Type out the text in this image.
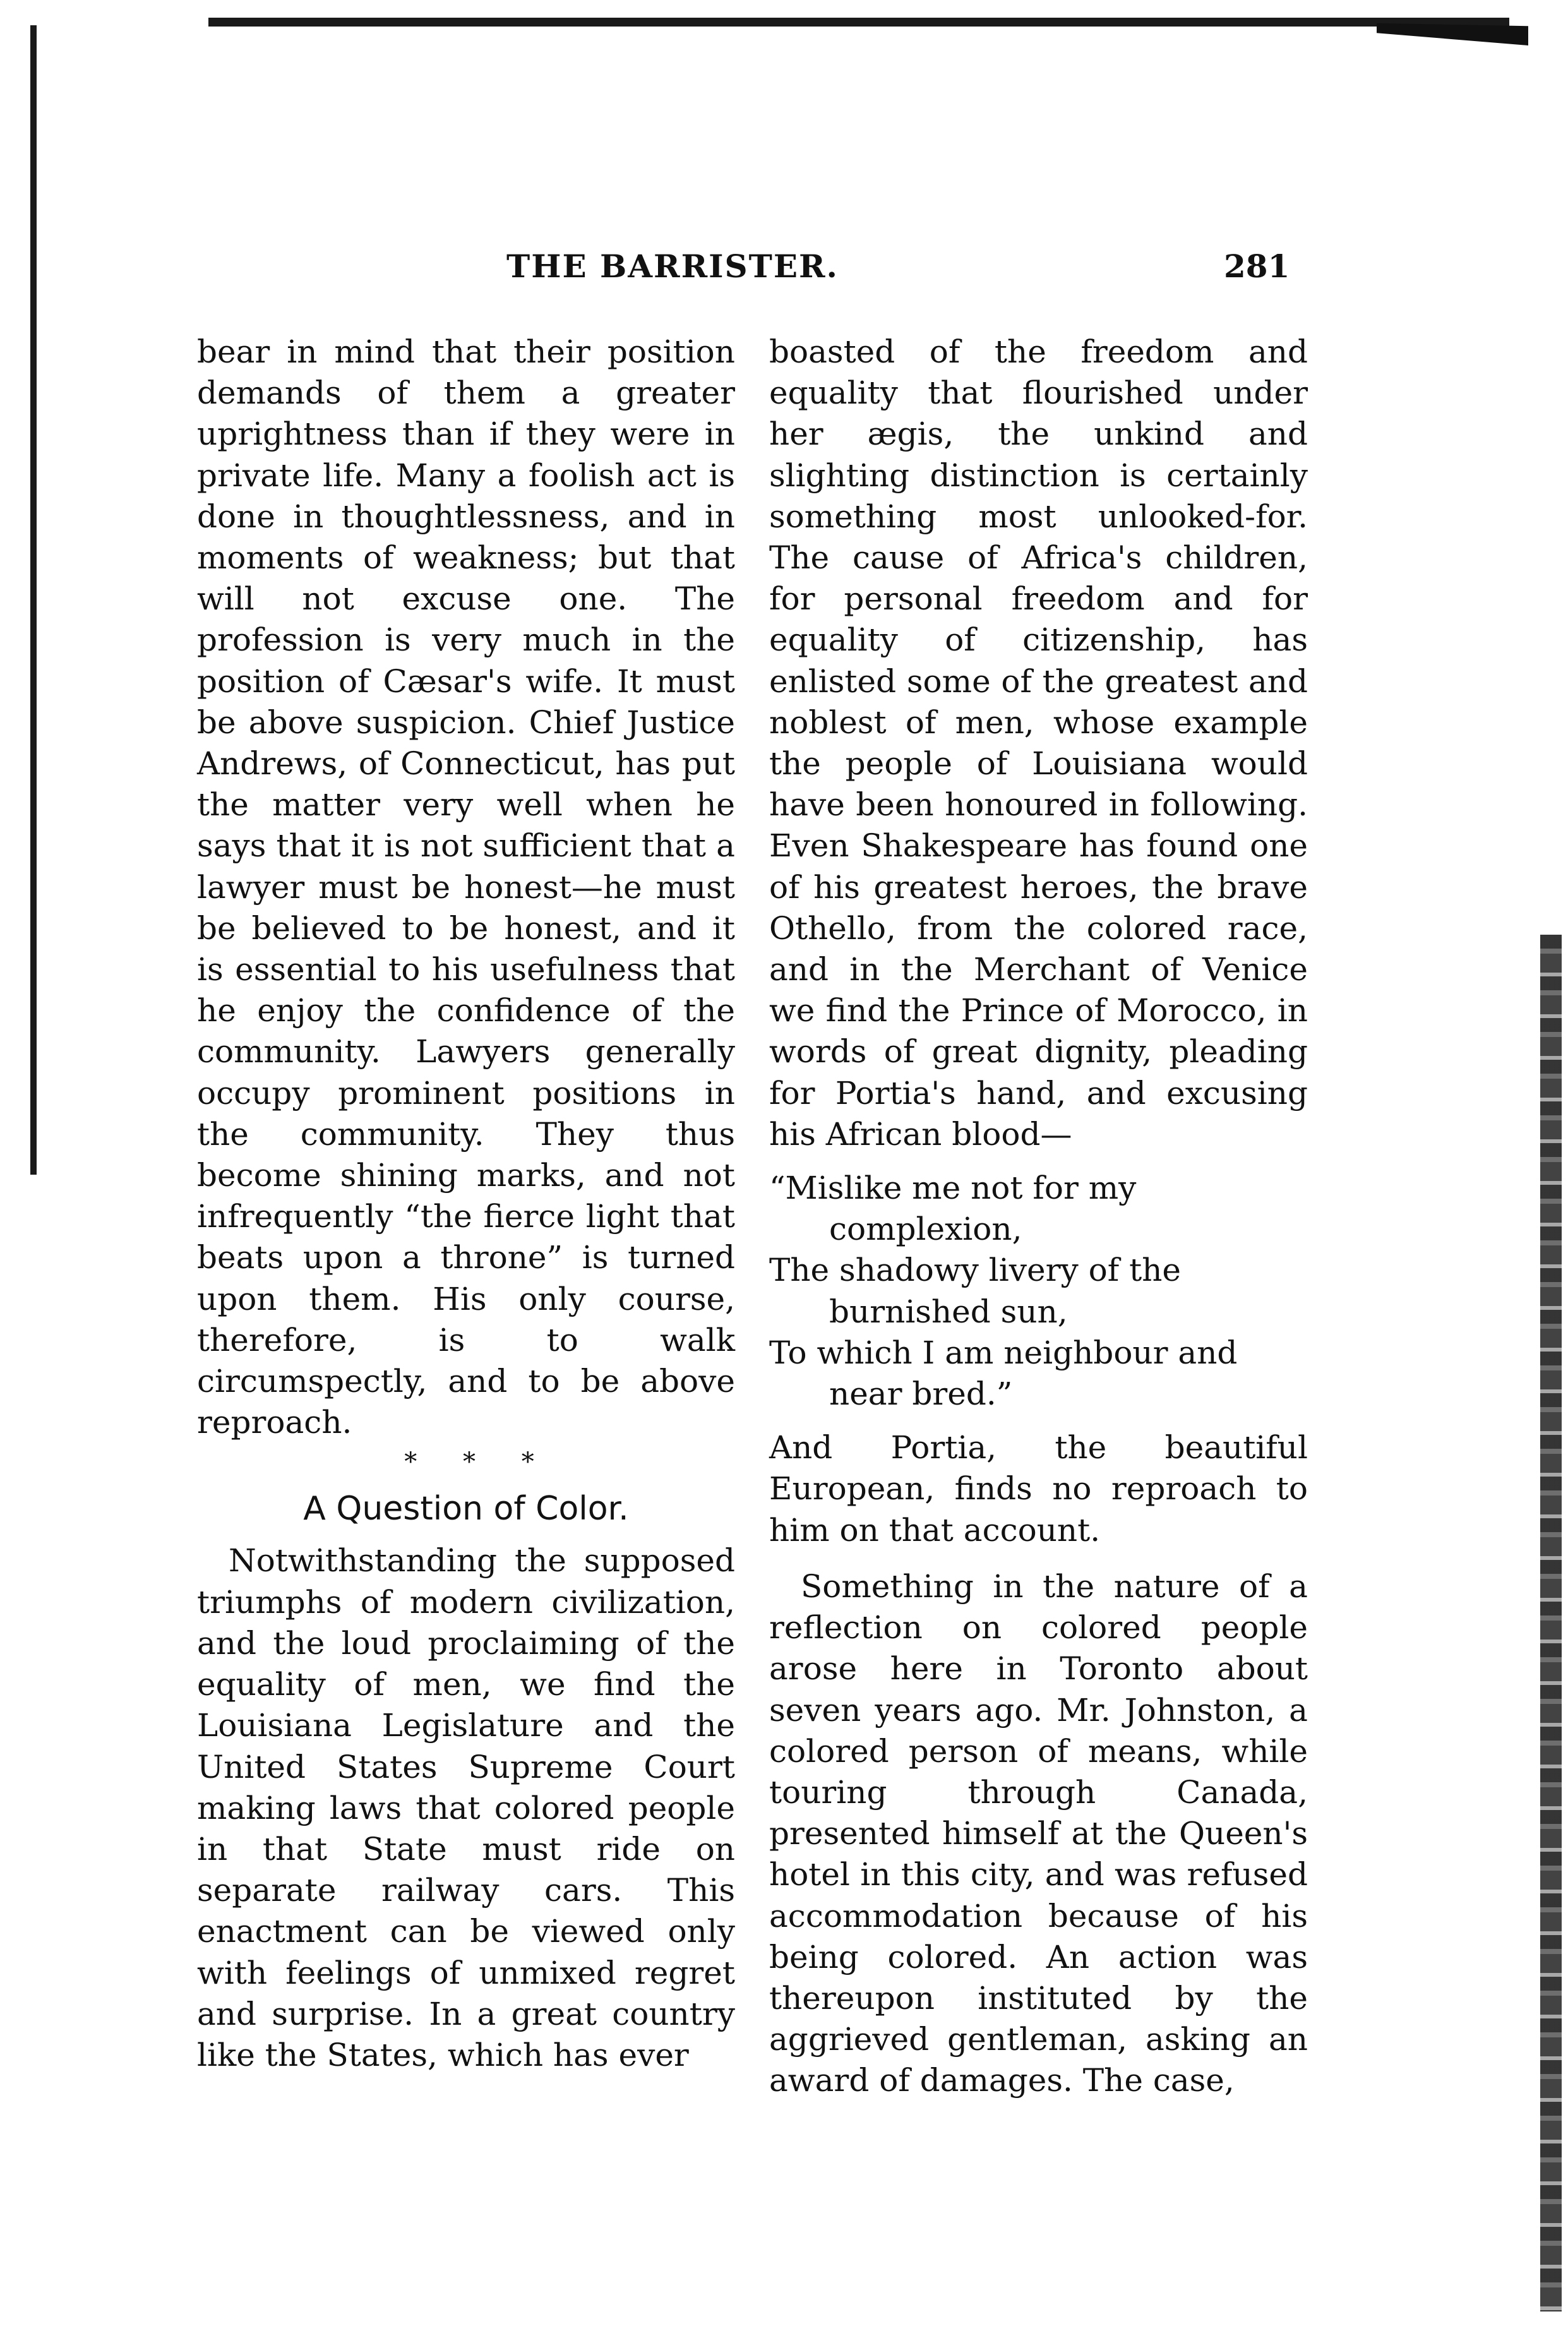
THE BARRISTER.	281

bear in mind that their position demands of them a greater uprightness than if they were in private life. Many a foolish act is done in thoughtlessness, and in moments of weakness; but that will not excuse one. The profession is very much in the position of Cæsar's wife. It must be above suspicion. Chief Justice Andrews, of Connecticut, has put the matter very well when he says that it is not sufficient that a lawyer must be honest—he must be believed to be honest, and it is essential to his usefulness that he enjoy the confidence of the community. Lawyers generally occupy prominent positions in the community. They thus become shining marks, and not infrequently “the fierce light that beats upon a throne” is turned upon them. His only course, therefore, is to walk circumspectly, and to be above reproach.

* * *
A Question of Color.

Notwithstanding the supposed triumphs of modern civilization, and the loud proclaiming of the equality of men, we find the Louisiana Legislature and the United States Supreme Court making laws that colored people in that State must ride on separate railway cars. This enactment can be viewed only with feelings of unmixed regret and surprise. In a great country like the States, which has ever

boasted of the freedom and equality that flourished under her ægis, the unkind and slighting distinction is certainly something most unlooked-for. The cause of Africa's children, for personal freedom and for equality of citizenship, has enlisted some of the greatest and noblest of men, whose example the people of Louisiana would have been honoured in following. Even Shakespeare has found one of his greatest heroes, the brave Othello, from the colored race, and in the Merchant of Venice we find the Prince of Morocco, in words of great dignity, pleading for Portia's hand, and excusing his African blood—

“Mislike me not for my complexion,
The shadowy livery of the burnished sun,
To which I am neighbour and near bred.”

And Portia, the beautiful European, finds no reproach to him on that account.

Something in the nature of a reflection on colored people arose here in Toronto about seven years ago. Mr. Johnston, a colored person of means, while touring through Canada, presented himself at the Queen's hotel in this city, and was refused accommodation because of his being colored. An action was thereupon instituted by the aggrieved gentleman, asking an award of damages. The case,
